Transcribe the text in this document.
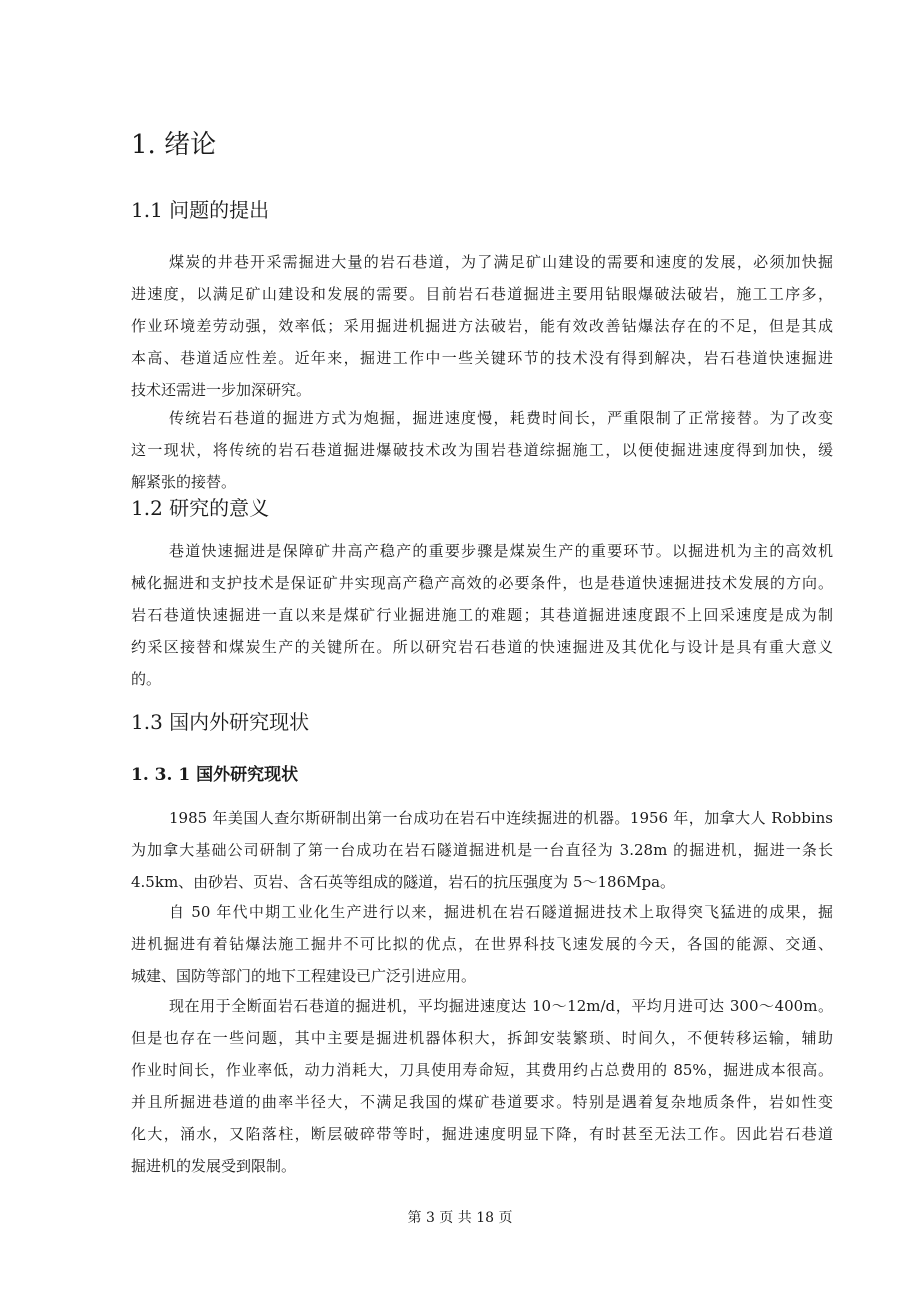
1. 绪论
1.1 问题的提出
煤炭的井巷开采需掘进大量的岩石巷道，为了满足矿山建设的需要和速度的发展，必须加快掘
进速度，以满足矿山建设和发展的需要。目前岩石巷道掘进主要用钻眼爆破法破岩，施工工序多，
作业环境差劳动强，效率低；采用掘进机掘进方法破岩，能有效改善钻爆法存在的不足，但是其成
本高、巷道适应性差。近年来，掘进工作中一些关键环节的技术没有得到解决，岩石巷道快速掘进
技术还需进一步加深研究。
传统岩石巷道的掘进方式为炮掘，掘进速度慢，耗费时间长，严重限制了正常接替。为了改变
这一现状，将传统的岩石巷道掘进爆破技术改为围岩巷道综掘施工，以便使掘进速度得到加快，缓
解紧张的接替。
1.2 研究的意义
巷道快速掘进是保障矿井高产稳产的重要步骤是煤炭生产的重要环节。以掘进机为主的高效机
械化掘进和支护技术是保证矿井实现高产稳产高效的必要条件，也是巷道快速掘进技术发展的方向。
岩石巷道快速掘进一直以来是煤矿行业掘进施工的难题；其巷道掘进速度跟不上回采速度是成为制
约采区接替和煤炭生产的关键所在。所以研究岩石巷道的快速掘进及其优化与设计是具有重大意义
的。
1.3 国内外研究现状
1. 3. 1 国外研究现状
1985 年美国人查尔斯研制出第一台成功在岩石中连续掘进的机器。1956 年，加拿大人 Robbins
为加拿大基础公司研制了第一台成功在岩石隧道掘进机是一台直径为 3.28m 的掘进机，掘进一条长
4.5km、由砂岩、页岩、含石英等组成的隧道，岩石的抗压强度为 5～186Mpa。
自 50 年代中期工业化生产进行以来，掘进机在岩石隧道掘进技术上取得突飞猛进的成果，掘
进机掘进有着钻爆法施工掘井不可比拟的优点，在世界科技飞速发展的今天，各国的能源、交通、
城建、国防等部门的地下工程建设已广泛引进应用。
现在用于全断面岩石巷道的掘进机，平均掘进速度达 10～12m/d，平均月进可达 300～400m。
但是也存在一些问题，其中主要是掘进机器体积大，拆卸安装繁琐、时间久，不便转移运输，辅助
作业时间长，作业率低，动力消耗大，刀具使用寿命短，其费用约占总费用的 85%，掘进成本很高。
并且所掘进巷道的曲率半径大，不满足我国的煤矿巷道要求。特别是遇着复杂地质条件，岩如性变
化大，涌水，又陷落柱，断层破碎带等时，掘进速度明显下降，有时甚至无法工作。因此岩石巷道
掘进机的发展受到限制。
第 3 页 共 18 页
